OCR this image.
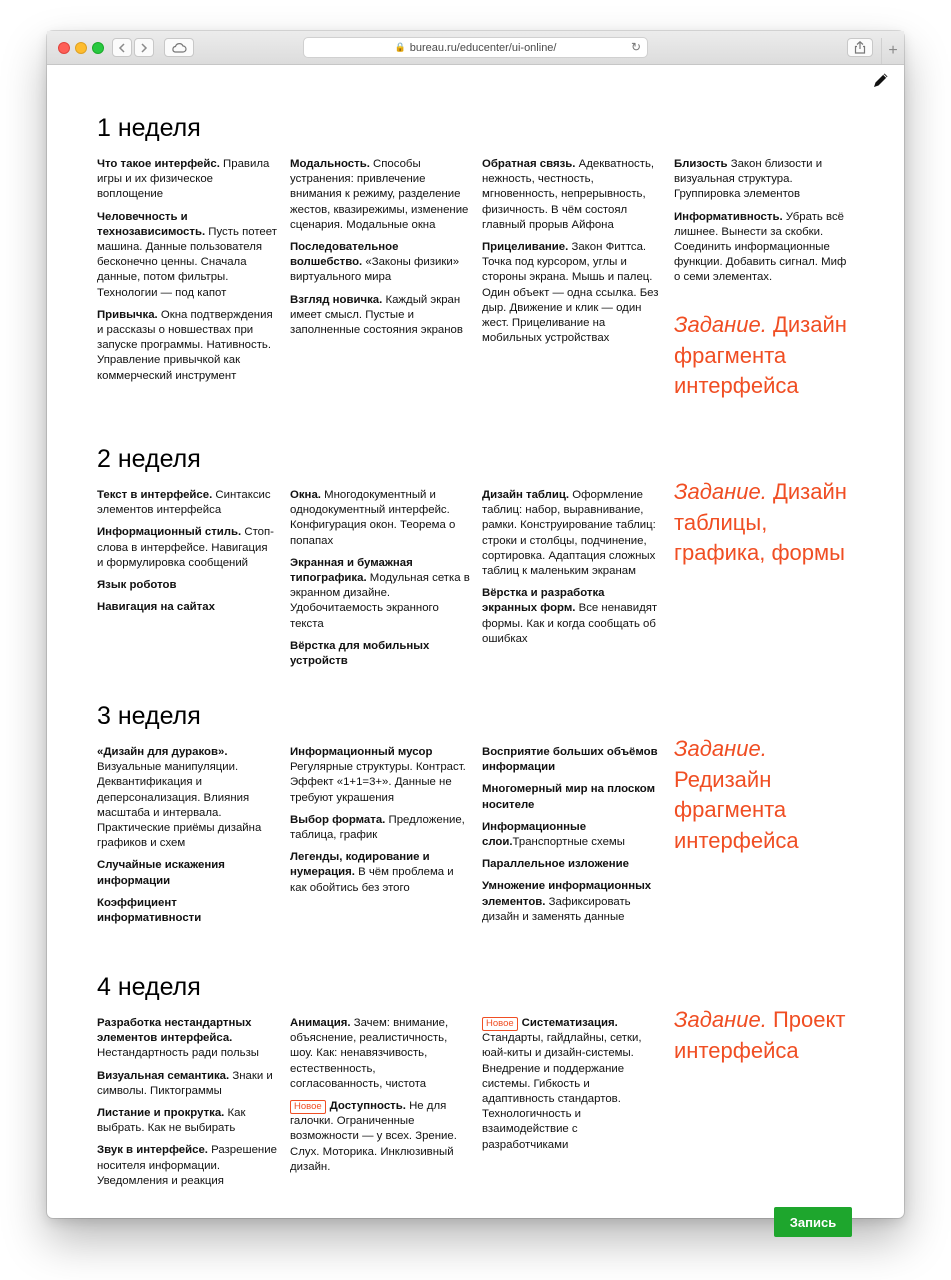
🔒 bureau.ru/educenter/ui-online/	↻	+
Запись
1 неделя

Что такое интерфейс. Правила игры и их физическое воплощение

Человечность и технозависимость. Пусть потеет машина. Данные пользователя бесконечно ценны. Сначала данные, потом фильтры. Технологии — под капот

Привычка. Окна подтверждения и рассказы о новшествах при запуске программы. Нативность. Управление привычкой как коммерческий инструмент

Модальность. Способы устранения: привлечение внимания к режиму, разделение жестов, квазирежимы, изменение сценария. Модальные окна

Последовательное волшебство. «Законы физики» виртуального мира

Взгляд новичка. Каждый экран имеет смысл. Пустые и заполненные состояния экранов

Обратная связь. Адекватность, нежность, честность, мгновенность, непрерывность, физичность. В чём состоял главный прорыв Айфона

Прицеливание. Закон Фиттса. Точка под курсором, углы и стороны экрана. Мышь и палец. Один объект — одна ссылка. Без дыр. Движение и клик — один жест. Прицеливание на мобильных устройствах

Близость Закон близости и визуальная структура. Группировка элементов

Информативность. Убрать всё лишнее. Вынести за скобки. Соединить информационные функции. Добавить сигнал. Миф о семи элементах.

Задание. Дизайн фрагмента интерфейса
2 неделя

Текст в интерфейсе. Синтаксис элементов интерфейса

Информационный стиль. Стоп-слова в интерфейсе. Навигация и формулировка сообщений

Язык роботов

Навигация на сайтах

Окна. Многодокументный и однодокументный интерфейс. Конфигурация окон. Теорема о попапах

Экранная и бумажная типографика. Модульная сетка в экранном дизайне. Удобочитаемость экранного текста

Вёрстка для мобильных устройств

Дизайн таблиц. Оформление таблиц: набор, выравнивание, рамки. Конструирование таблиц: строки и столбцы, подчинение, сортировка. Адаптация сложных таблиц к маленьким экранам

Вёрстка и разработка экранных форм. Все ненавидят формы. Как и когда сообщать об ошибках

Задание. Дизайн таблицы, графика, формы
3 неделя

«Дизайн для дураков». Визуальные манипуляции. Деквантификация и деперсонализация. Влияния масштаба и интервала. Практические приёмы дизайна графиков и схем

Случайные искажения информации

Коэффициент информативности

Информационный мусор Регулярные структуры. Контраст. Эффект «1+1=3+». Данные не требуют украшения

Выбор формата. Предложение, таблица, график

Легенды, кодирование и нумерация. В чём проблема и как обойтись без этого

Восприятие больших объёмов информации

Многомерный мир на плоском носителе

Информационные слои.Транспортные схемы

Параллельное изложение

Умножение информационных элементов. Зафиксировать дизайн и заменять данные

Задание. Редизайн фрагмента интерфейса
4 неделя

Разработка нестандартных элементов интерфейса. Нестандартность ради пользы

Визуальная семантика. Знаки и символы. Пиктограммы

Листание и прокрутка. Как выбрать. Как не выбирать

Звук в интерфейсе. Разрешение носителя информации. Уведомления и реакция

Анимация. Зачем: внимание, объяснение, реалистичность, шоу. Как: ненавязчивость, естественность, согласованность, чистота

Новое Доступность. Не для галочки. Ограниченные возможности — у всех. Зрение. Слух. Моторика. Инклюзивный дизайн.

Новое Систематизация. Стандарты, гайдлайны, сетки, юай-киты и дизайн-системы. Внедрение и поддержание системы. Гибкость и адаптивность стандартов. Технологичность и взаимодействие с разработчиками

Задание. Проект интерфейса
